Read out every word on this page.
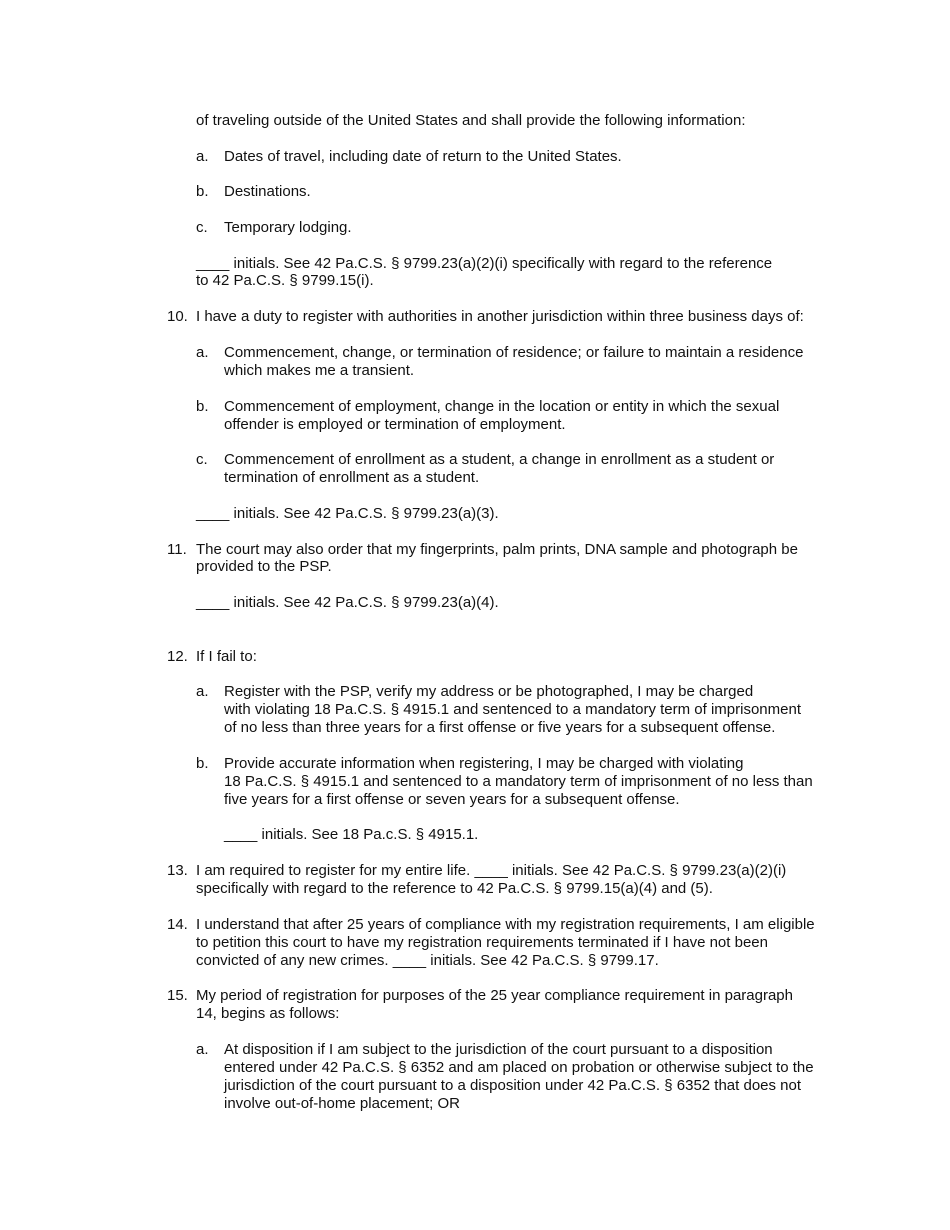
of traveling outside of the United States and shall provide the following information:
a. Dates of travel, including date of return to the United States.
b. Destinations.
c. Temporary lodging.
____ initials. See 42 Pa.C.S. § 9799.23(a)(2)(i) specifically with regard to the reference
to 42 Pa.C.S. § 9799.15(i).
10. I have a duty to register with authorities in another jurisdiction within three business days of:
a. Commencement, change, or termination of residence; or failure to maintain a residence
which makes me a transient.
b. Commencement of employment, change in the location or entity in which the sexual
offender is employed or termination of employment.
c. Commencement of enrollment as a student, a change in enrollment as a student or
termination of enrollment as a student.
____ initials. See 42 Pa.C.S. § 9799.23(a)(3).
11. The court may also order that my fingerprints, palm prints, DNA sample and photograph be
provided to the PSP.
____ initials. See 42 Pa.C.S. § 9799.23(a)(4).
12. If I fail to:
a. Register with the PSP, verify my address or be photographed, I may be charged
with violating 18 Pa.C.S. § 4915.1 and sentenced to a mandatory term of imprisonment
of no less than three years for a first offense or five years for a subsequent offense.
b. Provide accurate information when registering, I may be charged with violating
18 Pa.C.S. § 4915.1 and sentenced to a mandatory term of imprisonment of no less than
five years for a first offense or seven years for a subsequent offense.
____ initials. See 18 Pa.c.S. § 4915.1.
13. I am required to register for my entire life. ____ initials. See 42 Pa.C.S. § 9799.23(a)(2)(i)
specifically with regard to the reference to 42 Pa.C.S. § 9799.15(a)(4) and (5).
14. I understand that after 25 years of compliance with my registration requirements, I am eligible
to petition this court to have my registration requirements terminated if I have not been
convicted of any new crimes. ____ initials. See 42 Pa.C.S. § 9799.17.
15. My period of registration for purposes of the 25 year compliance requirement in paragraph
14, begins as follows:
a. At disposition if I am subject to the jurisdiction of the court pursuant to a disposition
entered under 42 Pa.C.S. § 6352 and am placed on probation or otherwise subject to the
jurisdiction of the court pursuant to a disposition under 42 Pa.C.S. § 6352 that does not
involve out-of-home placement; OR
